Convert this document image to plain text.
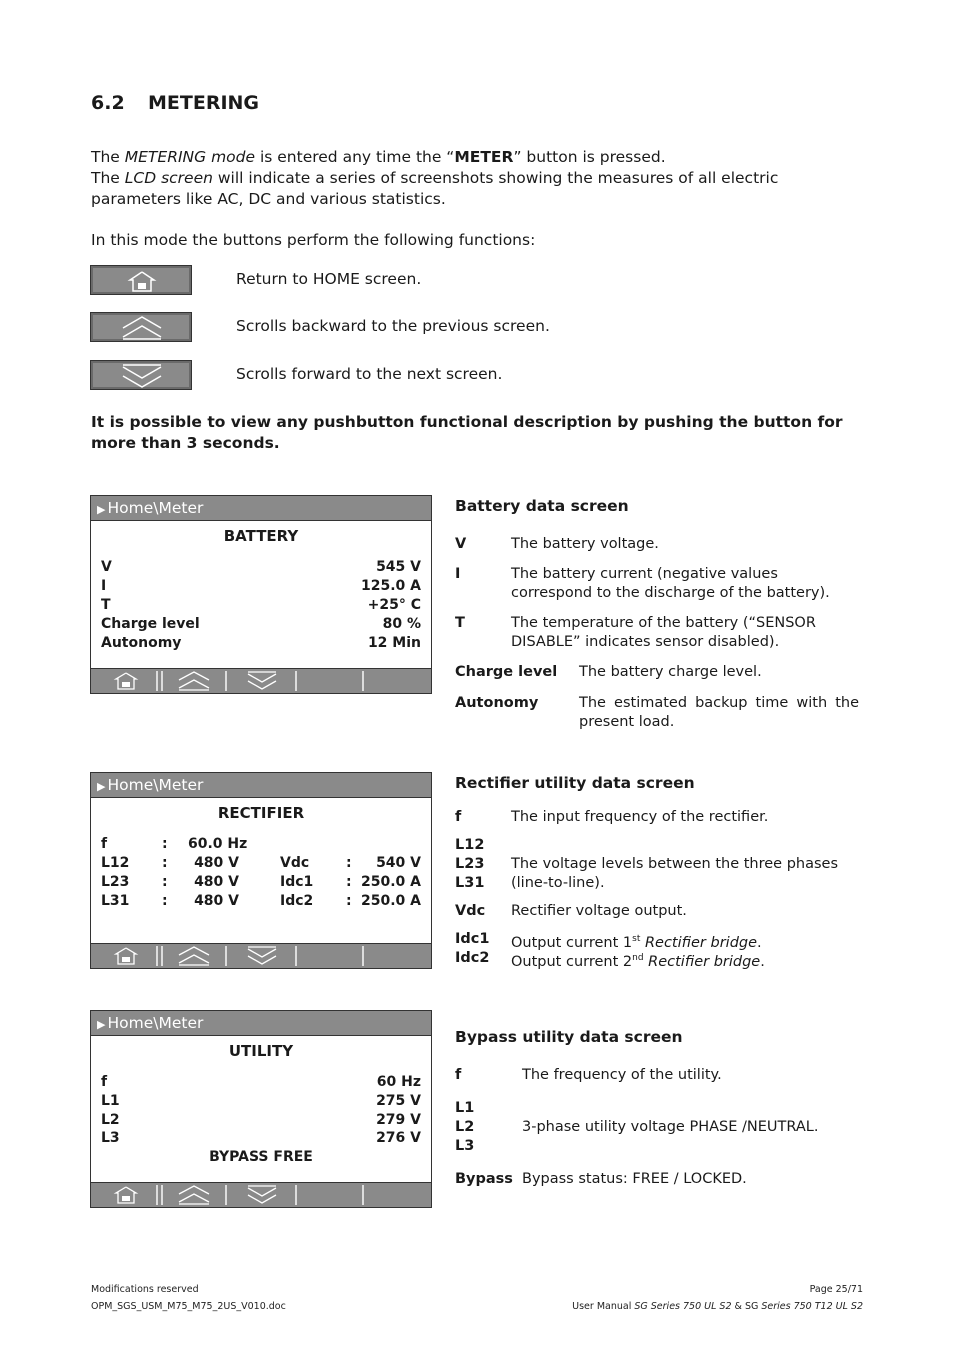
6.2 METERING
The METERING mode is entered any time the “METER” button is pressed.
The LCD screen will indicate a series of screenshots showing the measures of all electric parameters like AC, DC and various statistics.
In this mode the buttons perform the following functions:
Return to HOME screen.
Scrolls backward to the previous screen.
Scrolls forward to the next screen.
It is possible to view any pushbutton functional description by pushing the button for more than 3 seconds.
▶ Home\Meter
BATTERY
V	545 V
I	125.0 A
T	+25° C
Charge level	80 %
Autonomy	12 Min
Battery data screen
V	The battery voltage.
I	The battery current (negative values correspond to the discharge of the battery).
T	The temperature of the battery (“SENSOR DISABLE” indicates sensor disabled).
Charge level The battery charge level.
Autonomy	The estimated backup time with the present load.
▶ Home\Meter
RECTIFIER
f	: 60.0 Hz
L12 :	480 V	Vdc	: 540 V
L23 :	480 V	Idc1 : 250.0 A
L31 :	480 V	Idc2 : 250.0 A
Rectifier utility data screen
f	The input frequency of the rectifier.
L12
L23
L31
The voltage levels between the three phases (line-to-line).
Vdc Rectifier voltage output.
Idc1 Output current 1st Rectifier bridge.
Idc2 Output current 2nd Rectifier bridge.
▶ Home\Meter
UTILITY
f	60 Hz
L1	275 V
L2	279 V
L3	276 V
BYPASS FREE
Bypass utility data screen
f	The frequency of the utility.
L1
L2
L3
3-phase utility voltage PHASE /NEUTRAL.
Bypass Bypass status: FREE / LOCKED.
Modifications reserved
OPM_SGS_USM_M75_M75_2US_V010.doc
Page 25/71
User Manual SG Series 750 UL S2 & SG Series 750 T12 UL S2
